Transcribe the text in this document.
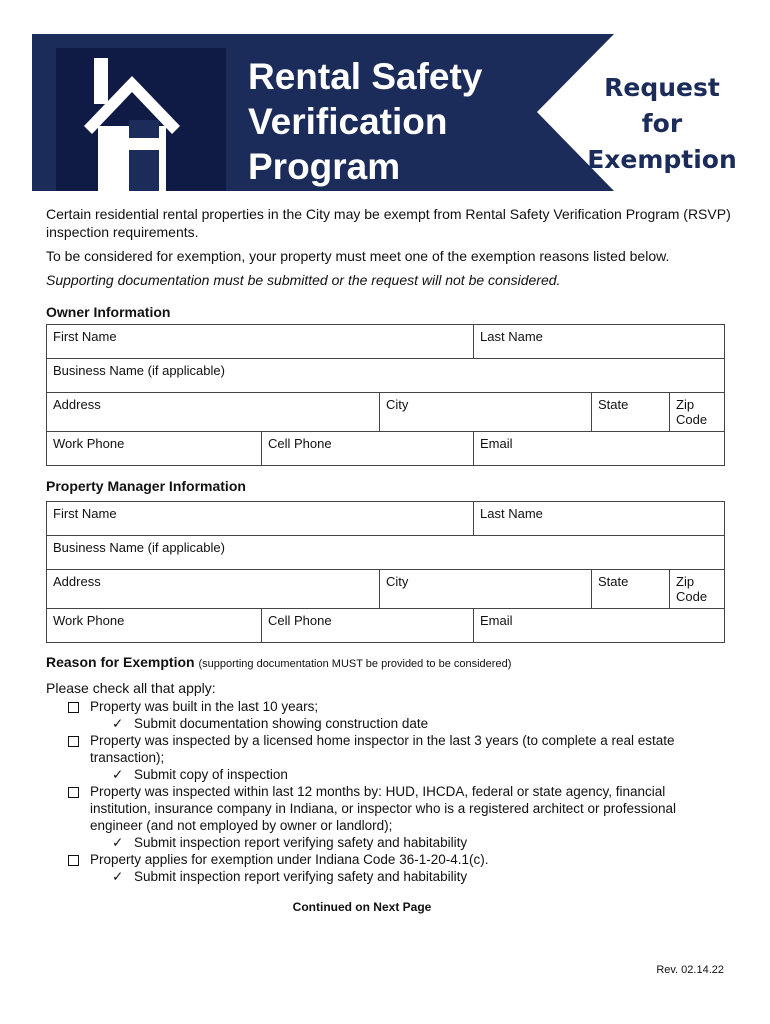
Rental Safety
Verification
Program
Request for
Exemption

Certain residential rental properties in the City may be exempt from Rental Safety Verification Program (RSVP) inspection requirements.

To be considered for exemption, your property must meet one of the exemption reasons listed below.

Supporting documentation must be submitted or the request will not be considered.

Owner Information
First Name	Last Name
Business Name (if applicable)
Address	City		State	Zip Code

Work Phone	Cell Phone	Email
Property Manager Information
First Name	Last Name
Business Name (if applicable)
Address	City		State	Zip Code

Work Phone	Cell Phone	Email
Reason for Exemption (supporting documentation MUST be provided to be considered)
Please check all that apply:
Property was built in the last 10 years;
✓ Submit documentation showing construction date
Property was inspected by a licensed home inspector in the last 3 years (to complete a real estate transaction);
✓ Submit copy of inspection
Property was inspected within last 12 months by: HUD, IHCDA, federal or state agency, financial institution, insurance company in Indiana, or inspector who is a registered architect or professional engineer (and not employed by owner or landlord);
✓ Submit inspection report verifying safety and habitability
Property applies for exemption under Indiana Code 36-1-20-4.1(c).
✓ Submit inspection report verifying safety and habitability
Continued on Next Page
Rev. 02.14.22
